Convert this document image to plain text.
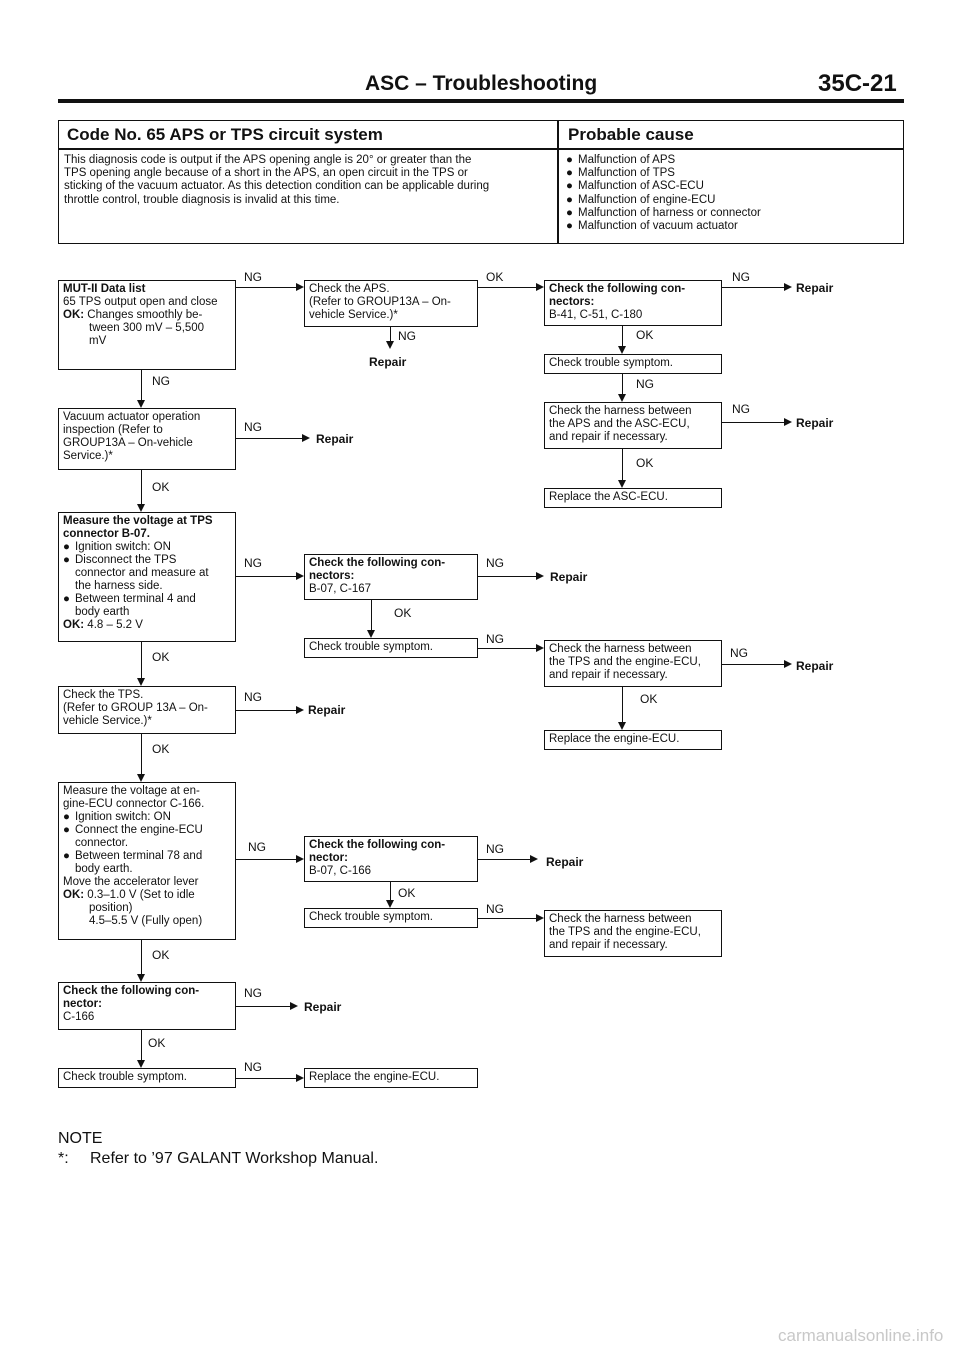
ASC – Troubleshooting	35C-21
Code No. 65 APS or TPS circuit system	Probable cause
This diagnosis code is output if the APS opening angle is 20° or greater than the
TPS opening angle because of a short in the APS, an open circuit in the TPS or
sticking of the vacuum actuator. As this detection condition can be applicable during
throttle control, trouble diagnosis is invalid at this time.
● Malfunction of APS
● Malfunction of TPS
● Malfunction of ASC-ECU
● Malfunction of engine-ECU
● Malfunction of harness or connector
● Malfunction of vacuum actuator
MUT-II Data list
65 TPS output open and close
OK: Changes smoothly be-
tween 300 mV – 5,500
mV
Vacuum actuator operation
inspection (Refer to
GROUP13A – On-vehicle
Service.)*
Measure the voltage at TPS
connector B-07.
● Ignition switch: ON
● Disconnect the TPS
connector and measure at
the harness side.
● Between terminal 4 and
body earth
OK: 4.8 – 5.2 V
Check the TPS.
(Refer to GROUP 13A – On-
vehicle Service.)*
Measure the voltage at en-
gine-ECU connector C-166.
● Ignition switch: ON
● Connect the engine-ECU
connector.
● Between terminal 78 and
body earth.
Move the accelerator lever
OK: 0.3–1.0 V (Set to idle
position)
4.5–5.5 V (Fully open)
Check the following con-
nector:
C-166
Check trouble symptom.
Check the APS.
(Refer to GROUP13A – On-
vehicle Service.)*
Check the following con-
nectors:
B-07, C-167
Check trouble symptom.
Check the following con-
nector:
B-07, C-166
Check trouble symptom.
Replace the engine-ECU.
Check the following con-
nectors:
B-41, C-51, C-180
Check trouble symptom.
Check the harness between
the APS and the ASC-ECU,
and repair if necessary.
Replace the ASC-ECU.
Check the harness between
the TPS and the engine-ECU,
and repair if necessary.
Replace the engine-ECU.
Check the harness between
the TPS and the engine-ECU,
and repair if necessary.
NG	OK	NG
Repair
NG
Repair
NG
Repair
NG	NG
Repair
NG
NG
Repair
NG
Repair
NG	NG
Repair
NG
NG
Repair
NG
NG
OK
OK
OK
OK
OK
NG
Repair
OK
OK
OK
NG
OK
OK
NOTE
*: Refer to ’97 GALANT Workshop Manual.
carmanualsonline.info
